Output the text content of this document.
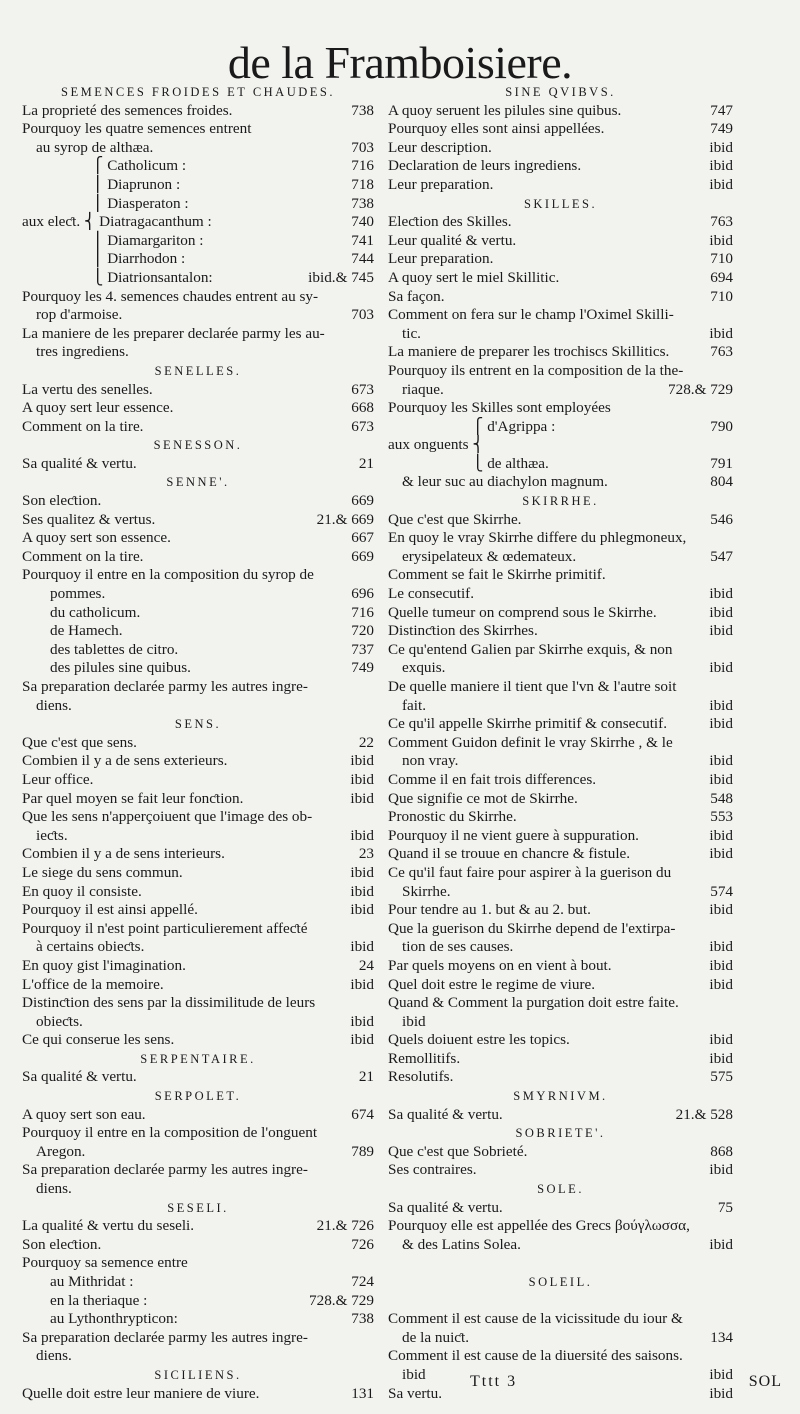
de la Framboisiere.
SEMENCES FROIDES ET CHAUDES.
La proprieté des semences froides.	738
Pourquoy les quatre semences entrent
au syrop de althæa.	703
⎧ Catholicum :	716
⎪ Diaprunon :	718
⎪ Diasperaton :	738
aux eleƈt. ⎨ Diatragacanthum :	740
⎪ Diamargariton :	741
⎪ Diarrhodon :	744
⎩ Diatrionsantalon:	ibid.& 745
Pourquoy les 4. semences chaudes entrent au sy-
rop d'armoise.	703
La maniere de les preparer declarée parmy les au-
tres ingrediens.
SENELLES.
La vertu des senelles.	673
A quoy sert leur essence.	668
Comment on la tire.	673
SENESSON.
Sa qualité & vertu.	21
SENNE'.
Son eleƈtion.	669
Ses qualitez & vertus.	21.& 669
A quoy sert son essence.	667
Comment on la tire.	669
Pourquoy il entre en la composition du syrop de
pommes.	696
du catholicum.	716
de Hamech.	720
des tablettes de citro.	737
des pilules sine quibus.	749
Sa preparation declarée parmy les autres ingre-
diens.
SENS.
Que c'est que sens.	22
Combien il y a de sens exterieurs.	ibid
Leur office.	ibid
Par quel moyen se fait leur fonƈtion.	ibid
Que les sens n'apperçoiuent que l'image des ob-
ieƈts.	ibid
Combien il y a de sens interieurs.	23
Le siege du sens commun.	ibid
En quoy il consiste.	ibid
Pourquoy il est ainsi appellé.	ibid
Pourquoy il n'est point particulierement affeƈté
à certains obieƈts.	ibid
En quoy gist l'imagination.	24
L'office de la memoire.	ibid
Distinƈtion des sens par la dissimilitude de leurs
obieƈts.	ibid
Ce qui conserue les sens.	ibid
SERPENTAIRE.
Sa qualité & vertu.	21
SERPOLET.
A quoy sert son eau.	674
Pourquoy il entre en la composition de l'onguent
Aregon.	789
Sa preparation declarée parmy les autres ingre-
diens.
SESELI.
La qualité & vertu du seseli.	21.& 726
Son eleƈtion.	726
Pourquoy sa semence entre
au Mithridat :	724
en la theriaque :	728.& 729
au Lythonthrypticon:	738
Sa preparation declarée parmy les autres ingre-
diens.
SICILIENS.
Quelle doit estre leur maniere de viure.	131
SINE QVIBVS.
A quoy seruent les pilules sine quibus.	747
Pourquoy elles sont ainsi appellées.	749
Leur description.	ibid
Declaration de leurs ingrediens.	ibid
Leur preparation.	ibid
SKILLES.
Eleƈtion des Skilles.	763
Leur qualité & vertu.	ibid
Leur preparation.	710
A quoy sert le miel Skillitic.	694
Sa façon.	710
Comment on fera sur le champ l'Oximel Skilli-
tic.	ibid
La maniere de preparer les trochiscs Skillitics.	763
Pourquoy ils entrent en la composition de la the-
riaque.	728.& 729
Pourquoy les Skilles sont employées
⎧ d'Agrippa :	790
aux onguents ⎨
⎩ de althæa.	791
& leur suc au diachylon magnum.	804
SKIRRHE.
Que c'est que Skirrhe.	546
En quoy le vray Skirrhe differe du phlegmoneux,
erysipelateux & œdemateux.	547
Comment se fait le Skirrhe primitif.
Le consecutif.	ibid
Quelle tumeur on comprend sous le Skirrhe.	ibid
Distinƈtion des Skirrhes.	ibid
Ce qu'entend Galien par Skirrhe exquis, & non
exquis.	ibid
De quelle maniere il tient que l'vn & l'autre soit
fait.	ibid
Ce qu'il appelle Skirrhe primitif & consecutif.	ibid
Comment Guidon definit le vray Skirrhe , & le
non vray.	ibid
Comme il en fait trois differences.	ibid
Que signifie ce mot de Skirrhe.	548
Pronostic du Skirrhe.	553
Pourquoy il ne vient guere à suppuration.	ibid
Quand il se trouue en chancre & fistule.	ibid
Ce qu'il faut faire pour aspirer à la guerison du
Skirrhe.	574
Pour tendre au 1. but & au 2. but.	ibid
Que la guerison du Skirrhe depend de l'extirpa-
tion de ses causes.	ibid
Par quels moyens on en vient à bout.	ibid
Quel doit estre le regime de viure.	ibid
Quand & Comment la purgation doit estre faite.
ibid
Quels doiuent estre les topics.	ibid
Remollitifs.	ibid
Resolutifs.	575
SMYRNIVM.
Sa qualité & vertu.	21.& 528
SOBRIETE'.
Que c'est que Sobrieté.	868
Ses contraires.	ibid
SOLE.
Sa qualité & vertu.	75
Pourquoy elle est appellée des Grecs βούγλωσσα,
& des Latins Solea.	ibid
SOLEIL.
Comment il est cause de la vicissitude du iour &
de la nuiƈt.	134
Comment il est cause de la diuersité des saisons.
ibid	ibid
Sa vertu.	ibid
Tttt 3	SOL
